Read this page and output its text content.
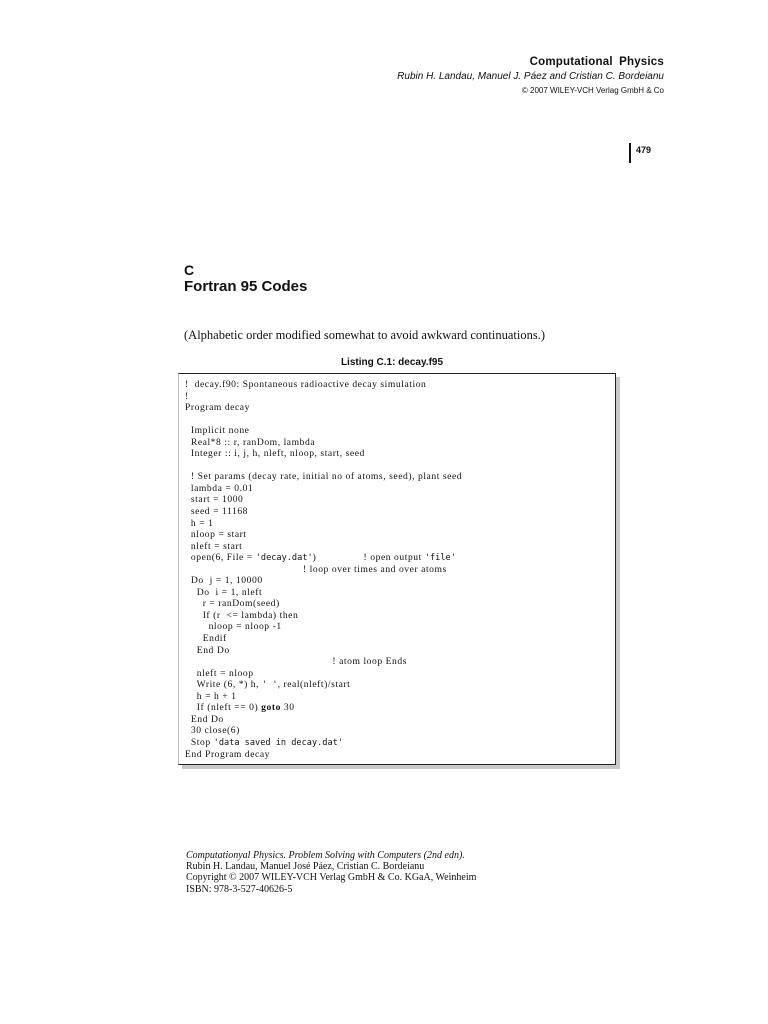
Computational Physics
Rubin H. Landau, Manuel J. Páez and Cristian C. Bordeianu
© 2007 WILEY-VCH Verlag GmbH & Co
479
C
Fortran 95 Codes
(Alphabetic order modified somewhat to avoid awkward continuations.)
Listing C.1: decay.f95
!  decay.f90: Spontaneous radioactive decay simulation
!
Program decay
Implicit none
Real*8 :: r, ranDom, lambda
Integer :: i, j, h, nleft, nloop, start, seed
! Set params (decay rate, initial no of atoms, seed), plant seed
lambda = 0.01
start = 1000
seed = 11168
h = 1
nloop = start
nleft = start
open(6, File = 'decay.dat')                ! open output 'file'
! loop over times and over atoms
Do  j = 1, 10000
Do  i = 1, nleft
r = ranDom(seed)
If (r  <= lambda) then
nloop = nloop -1
Endif
End Do
! atom loop Ends
nleft = nloop
Write (6, *) h, ' ', real(nleft)/start
h = h + 1
If (nleft == 0) goto 30
End Do
30 close(6)
Stop 'data saved in decay.dat'
End Program decay
Computationyal Physics. Problem Solving with Computers (2nd edn).
Rubin H. Landau, Manuel José Páez, Cristian C. Bordeianu
Copyright © 2007 WILEY-VCH Verlag GmbH & Co. KGaA, Weinheim
ISBN: 978-3-527-40626-5
